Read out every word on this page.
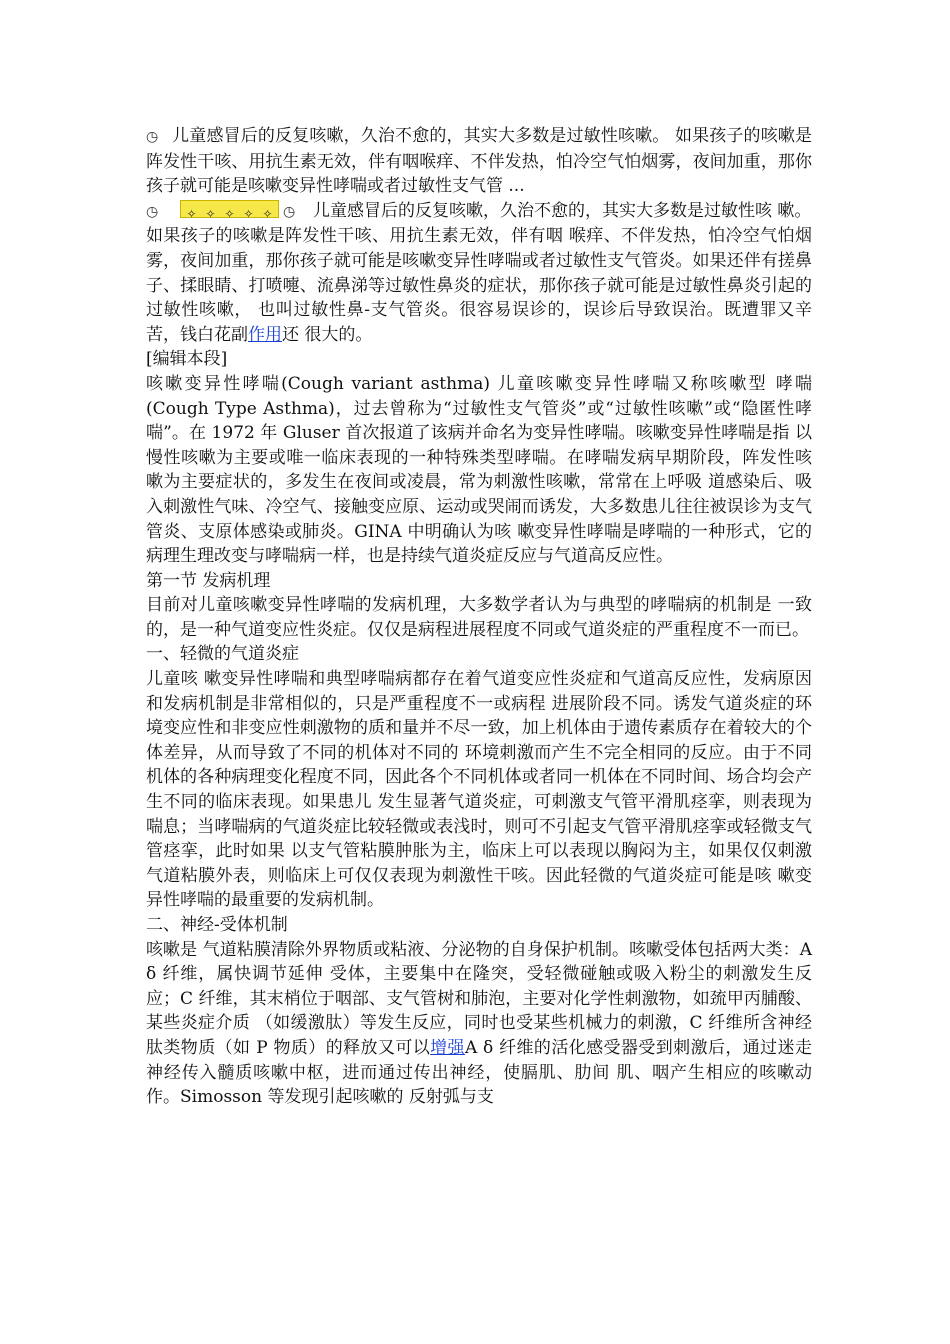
◷ 儿童感冒后的反复咳嗽，久治不愈的，其实大多数是过敏性咳嗽。 如果孩子的咳嗽是阵发性干咳、用抗生素无效，伴有咽喉痒、不伴发热，怕冷空气怕烟雾，夜间加重，那你孩子就可能是咳嗽变异性哮喘或者过敏性支气管 ...

◷ ✧ ✧ ✧ ✧ ✧ ◷ 儿童感冒后的反复咳嗽，久治不愈的，其实大多数是过敏性咳 嗽。

如果孩子的咳嗽是阵发性干咳、用抗生素无效，伴有咽 喉痒、不伴发热，怕冷空气怕烟雾，夜间加重，那你孩子就可能是咳嗽变异性哮喘或者过敏性支气管炎。如果还伴有搓鼻子、揉眼睛、打喷嚏、流鼻涕等过敏性鼻炎的症状，那你孩子就可能是过敏性鼻炎引起的过敏性咳嗽， 也叫过敏性鼻-支气管炎。很容易误诊的，误诊后导致误治。既遭罪又辛苦，钱白花副作用还 很大的。

[编辑本段]

咳嗽变异性哮喘(Cough variant asthma) 儿童咳嗽变异性哮喘又称咳嗽型 哮喘(Cough Type Asthma)，过去曾称为“过敏性支气管炎”或“过敏性咳嗽”或“隐匿性哮喘”。在 1972 年 Gluser 首次报道了该病并命名为变异性哮喘。咳嗽变异性哮喘是指 以慢性咳嗽为主要或唯一临床表现的一种特殊类型哮喘。在哮喘发病早期阶段，阵发性咳 嗽为主要症状的，多发生在夜间或凌晨，常为刺激性咳嗽，常常在上呼吸 道感染后、吸入刺激性气味、冷空气、接触变应原、运动或哭闹而诱发，大多数患儿往往被误诊为支气管炎、支原体感染或肺炎。GINA 中明确认为咳 嗽变异性哮喘是哮喘的一种形式，它的病理生理改变与哮喘病一样，也是持续气道炎症反应与气道高反应性。

第一节 发病机理

目前对儿童咳嗽变异性哮喘的发病机理，大多数学者认为与典型的哮喘病的机制是 一致的，是一种气道变应性炎症。仅仅是病程进展程度不同或气道炎症的严重程度不一而已。

一、轻微的气道炎症

儿童咳 嗽变异性哮喘和典型哮喘病都存在着气道变应性炎症和气道高反应性，发病原因和发病机制是非常相似的，只是严重程度不一或病程 进展阶段不同。诱发气道炎症的环境变应性和非变应性刺激物的质和量并不尽一致，加上机体由于遗传素质存在着较大的个体差异，从而导致了不同的机体对不同的 环境刺激而产生不完全相同的反应。由于不同机体的各种病理变化程度不同，因此各个不同机体或者同一机体在不同时间、场合均会产生不同的临床表现。如果患儿 发生显著气道炎症，可刺激支气管平滑肌痉挛，则表现为喘息；当哮喘病的气道炎症比较轻微或表浅时，则可不引起支气管平滑肌痉挛或轻微支气管痉挛，此时如果 以支气管粘膜肿胀为主，临床上可以表现以胸闷为主，如果仅仅刺激气道粘膜外表，则临床上可仅仅表现为刺激性干咳。因此轻微的气道炎症可能是咳 嗽变异性哮喘的最重要的发病机制。

二、神经-受体机制

咳嗽是 气道粘膜清除外界物质或粘液、分泌物的自身保护机制。咳嗽受体包括两大类：A δ 纤维，属快调节延伸 受体，主要集中在隆突，受轻微碰触或吸入粉尘的刺激发生反应；C 纤维，其末梢位于咽部、支气管树和肺泡，主要对化学性刺激物，如巯甲丙脯酸、某些炎症介质 （如缓激肽）等发生反应，同时也受某些机械力的刺激，C 纤维所含神经肽类物质（如 P 物质）的释放又可以增强A δ 纤维的活化感受器受到刺激后，通过迷走神经传入髓质咳嗽中枢，进而通过传出神经，使膈肌、肋间 肌、咽产生相应的咳嗽动作。Simosson 等发现引起咳嗽的 反射弧与支
